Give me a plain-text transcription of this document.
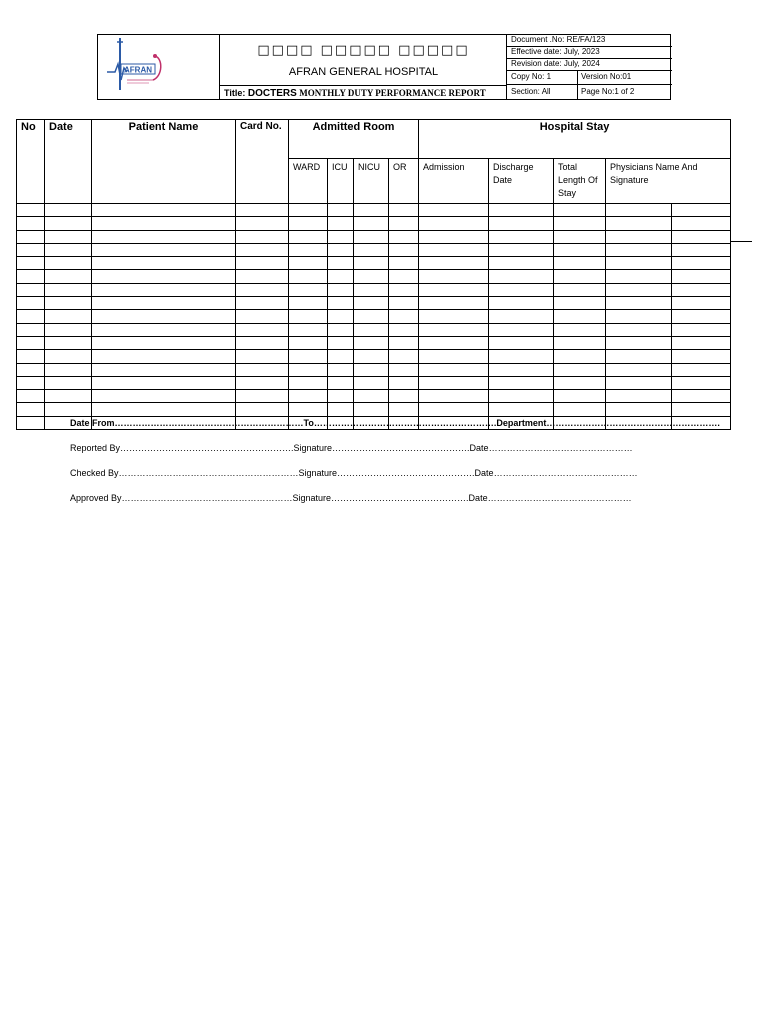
AFRAN
□□□□ □□□□□ □□□□□
AFRAN GENERAL HOSPITAL
Title: DOCTERS MONTHLY DUTY PERFORMANCE REPORT
Document .No: RE/FA/123
Effective date: July, 2023
Revision date: July, 2024
Copy No: 1	Version No:01
Section: All	Page No:1 of 2
No	Date	Patient Name	Card No.	Admitted Room				Hospital Stay				
				WARD	ICU	NICU	OR	Admission	Discharge Date	Total Length Of Stay	Physicians Name And Signature	

Date From………………………………………………………To…………………………………………………….Department………………………………………………….
Reported By………………………………………………….Signature……………………………………….Date…………………………………………
Checked By……………………………………………………Signature……………………………………….Date…………………………………………
Approved By…………………………………………………Signature……………………………………….Date…………………………………………
